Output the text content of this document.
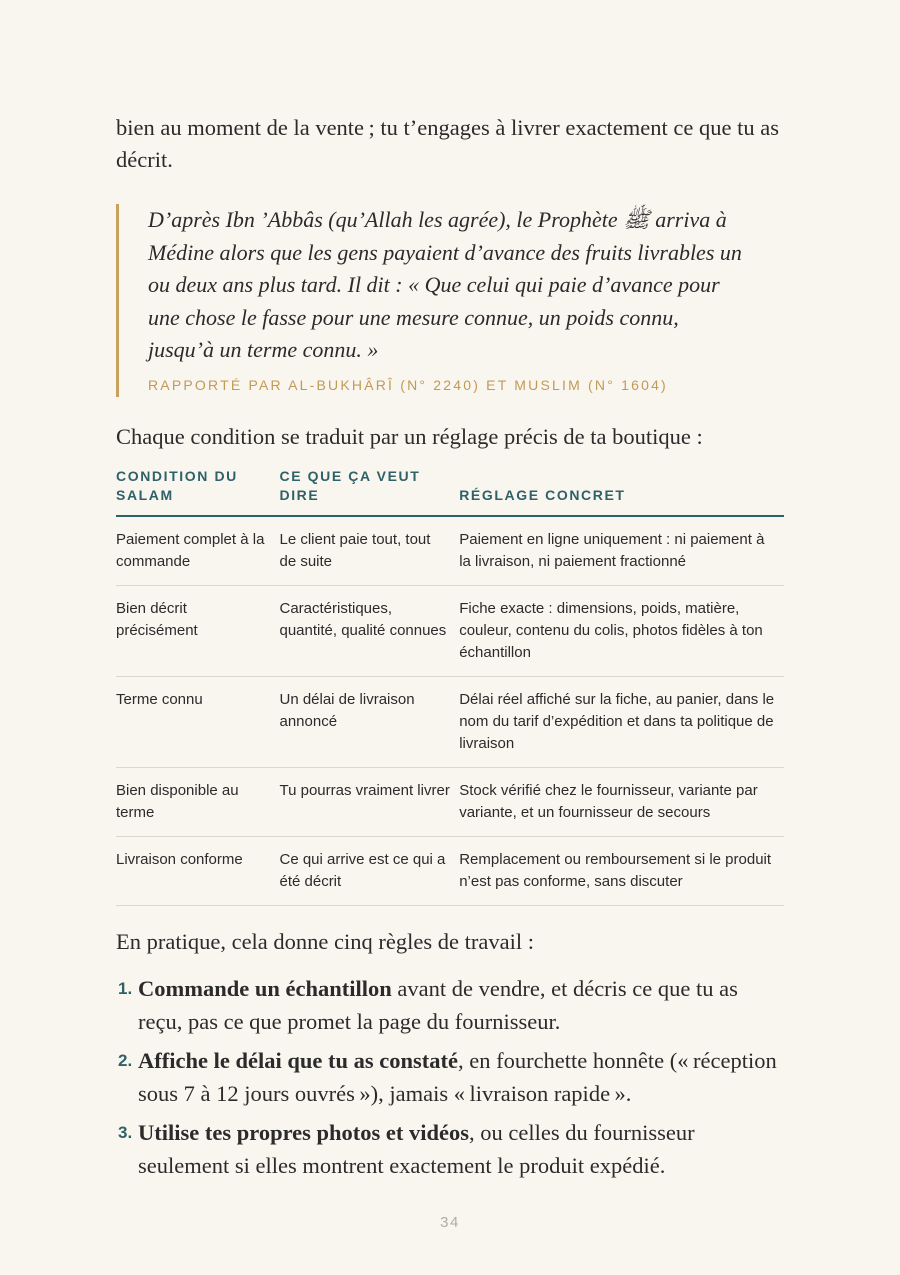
bien au moment de la vente ; tu t’engages à livrer exactement ce que tu as décrit.

D’après Ibn ’Abbâs (qu’Allah les agrée), le Prophète ﷺ arriva à Médine alors que les gens payaient d’avance des fruits livrables un ou deux ans plus tard. Il dit : « Que celui qui paie d’avance pour une chose le fasse pour une mesure connue, un poids connu, jusqu’à un terme connu. »

RAPPORTÉ PAR AL-BUKHÂRÎ (N° 2240) ET MUSLIM (N° 1604)

Chaque condition se traduit par un réglage précis de ta boutique :

CONDITION DU SALAM	CE QUE ÇA VEUT DIRE	RÉGLAGE CONCRET
Paiement complet à la commande	Le client paie tout, tout de suite	Paiement en ligne uniquement : ni paiement à la livraison, ni paiement fractionné
Bien décrit précisément	Caractéristiques, quantité, qualité connues	Fiche exacte : dimensions, poids, matière, couleur, contenu du colis, photos fidèles à ton échantillon
Terme connu	Un délai de livraison annoncé	Délai réel affiché sur la fiche, au panier, dans le nom du tarif d’expédition et dans ta politique de livraison
Bien disponible au terme	Tu pourras vraiment livrer	Stock vérifié chez le fournisseur, variante par variante, et un fournisseur de secours
Livraison conforme	Ce qui arrive est ce qui a été décrit	Remplacement ou remboursement si le produit n’est pas conforme, sans discuter

En pratique, cela donne cinq règles de travail :

1. Commande un échantillon avant de vendre, et décris ce que tu as reçu, pas ce que promet la page du fournisseur.
2. Affiche le délai que tu as constaté, en fourchette honnête (« réception sous 7 à 12 jours ouvrés »), jamais « livraison rapide ».
3. Utilise tes propres photos et vidéos, ou celles du fournisseur seulement si elles montrent exactement le produit expédié.
34
